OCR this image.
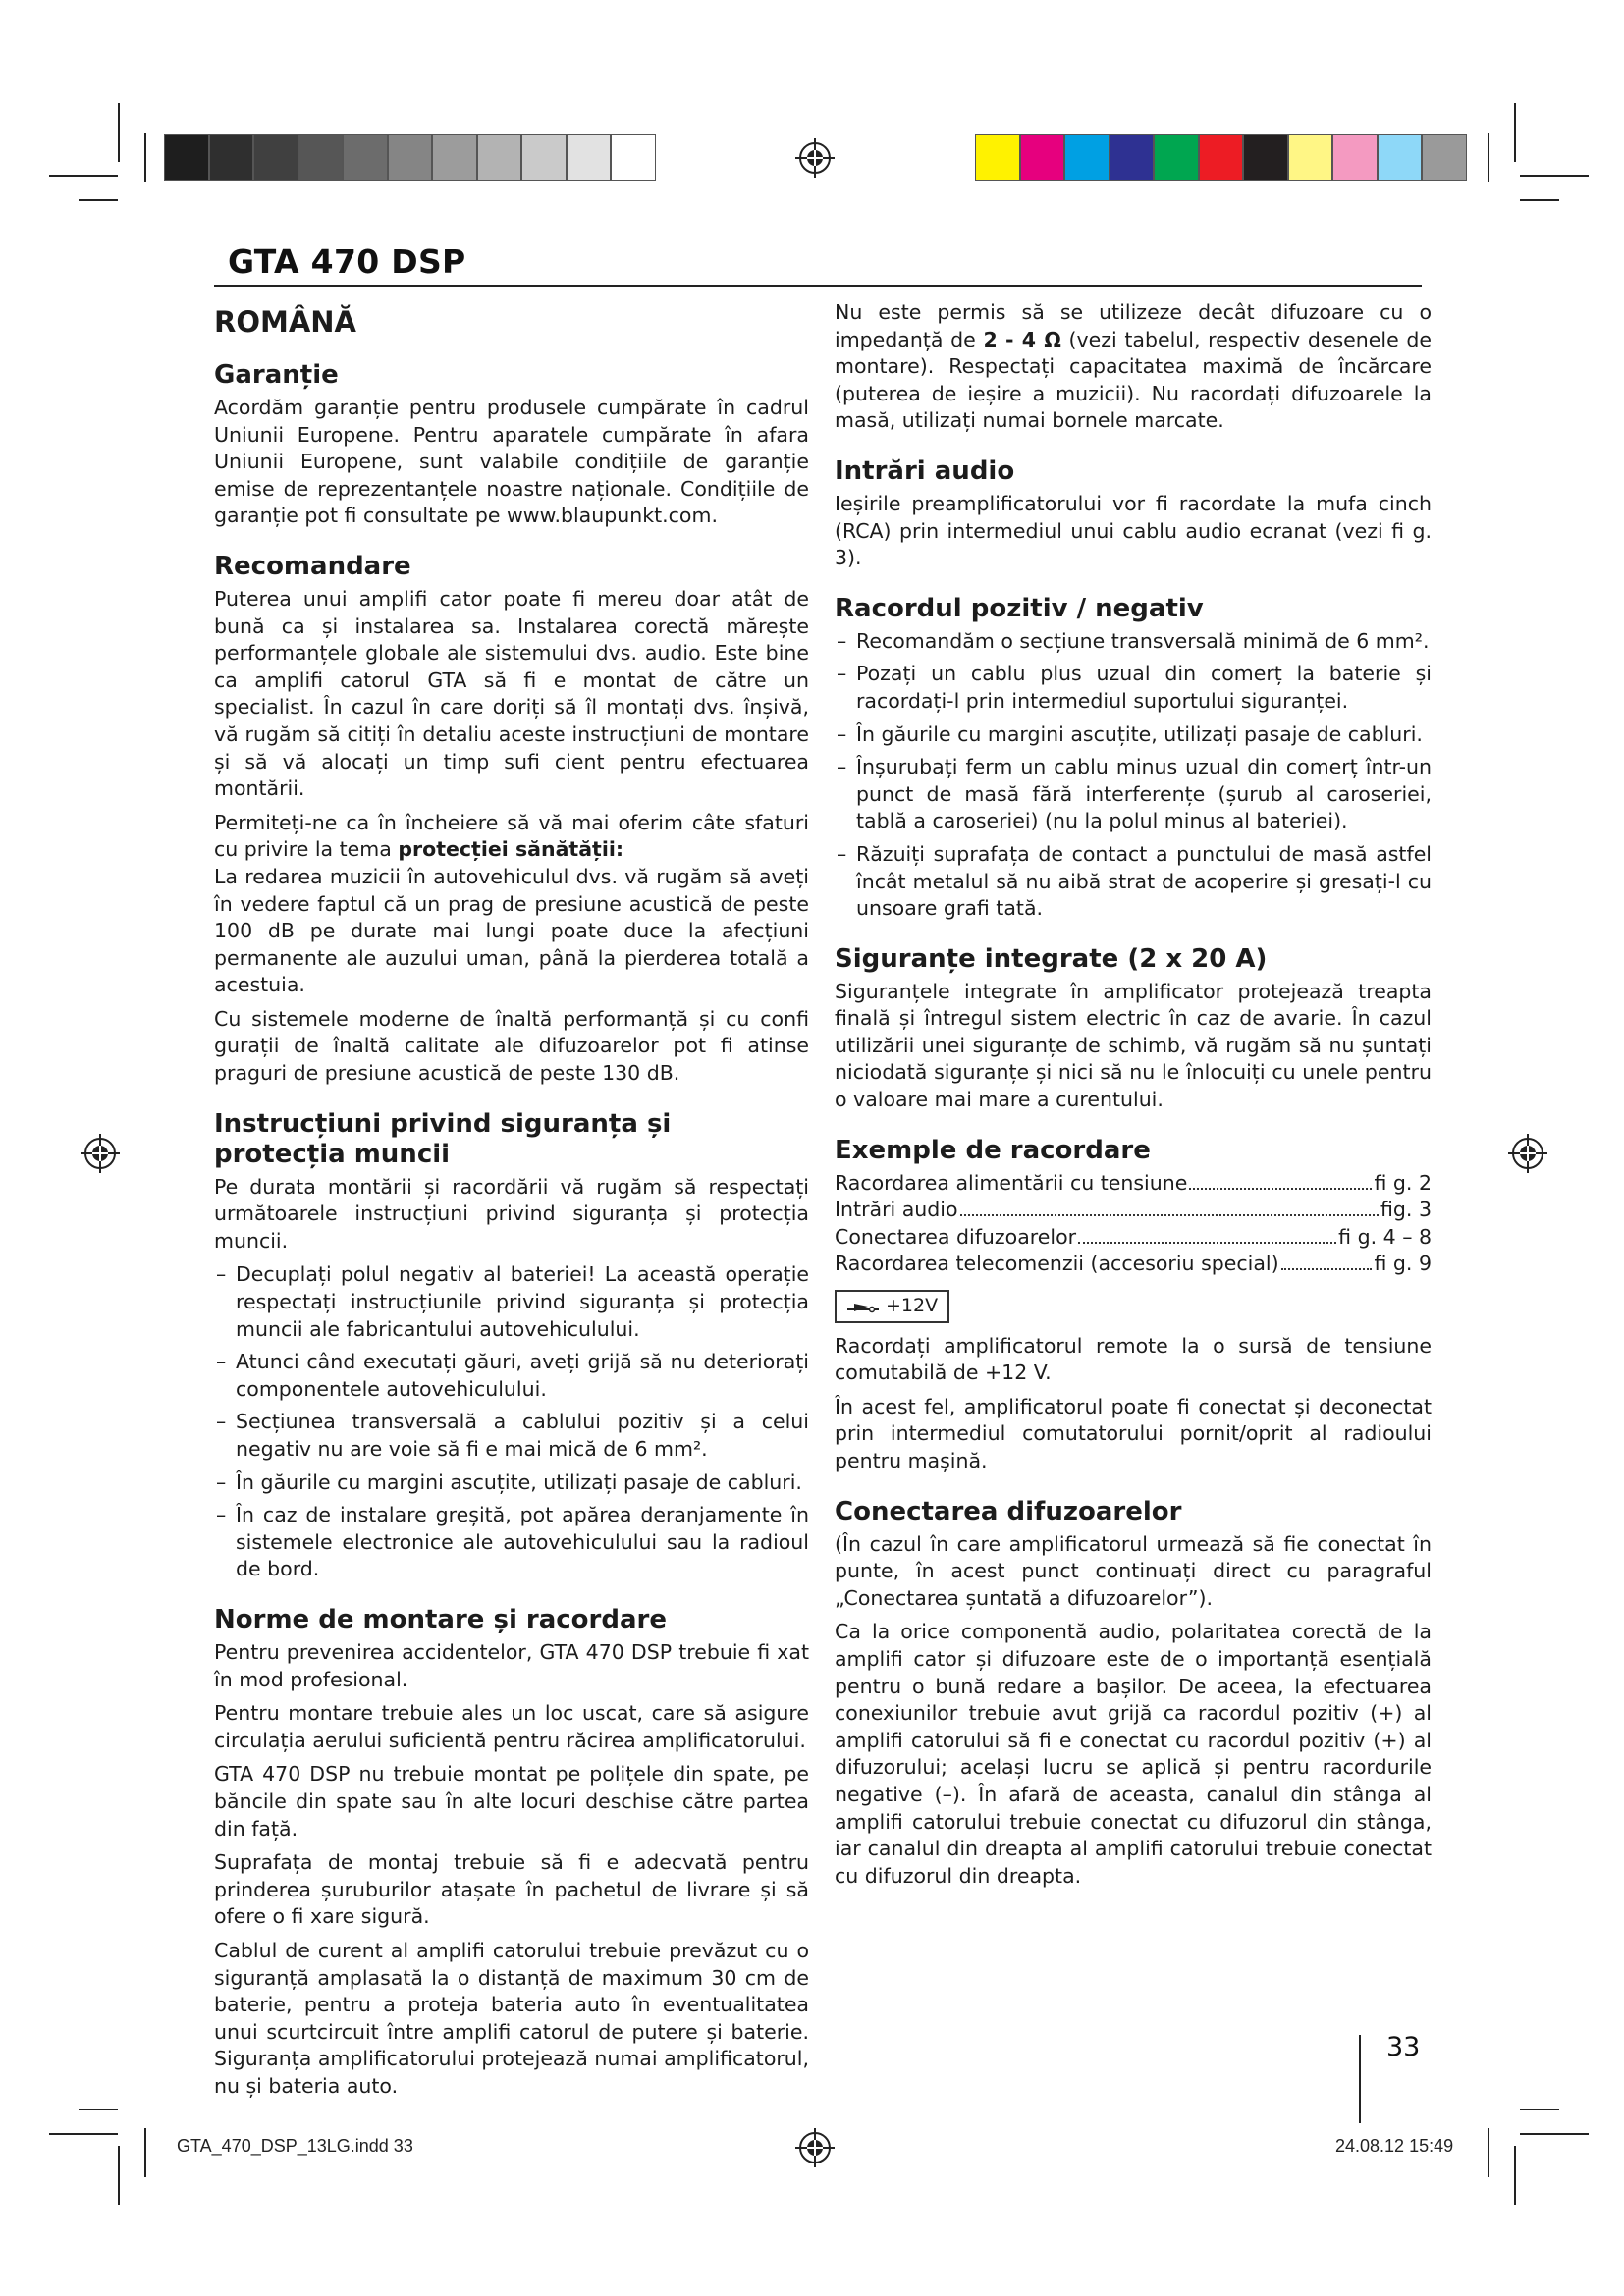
GTA 470 DSP
ROMÂNĂ
Garanție

Acordăm garanție pentru produsele cumpărate în cadrul Uniunii Europene. Pentru aparatele cumpărate în afara Uniunii Europene, sunt valabile condițiile de garanție emise de reprezentanțele noastre naționale. Condițiile de garanție pot fi consultate pe www.blaupunkt.com.

Recomandare

Puterea unui amplifi cator poate fi mereu doar atât de bună ca și instalarea sa. Instalarea corectă mărește performanțele globale ale sistemului dvs. audio. Este bine ca amplifi catorul GTA să fi e montat de către un specialist. În cazul în care doriți să îl montați dvs. înșivă, vă rugăm să citiți în detaliu aceste instrucțiuni de montare și să vă alocați un timp sufi cient pentru efectuarea montării.

Permiteți-ne ca în încheiere să vă mai oferim câte sfaturi cu privire la tema protecției sănătății:

La redarea muzicii în autovehiculul dvs. vă rugăm să aveți în vedere faptul că un prag de presiune acustică de peste 100 dB pe durate mai lungi poate duce la afecțiuni permanente ale auzului uman, până la pierderea totală a acestuia.

Cu sistemele moderne de înaltă performanță și cu confi gurații de înaltă calitate ale difuzoarelor pot fi atinse praguri de presiune acustică de peste 130 dB.

Instrucțiuni privind siguranța și protecția muncii

Pe durata montării și racordării vă rugăm să respectați următoarele instrucțiuni privind siguranța și protecția muncii.

– Decuplați polul negativ al bateriei! La această operație respectați instrucțiunile privind siguranța și protecția muncii ale fabricantului autovehiculului.
– Atunci când executați găuri, aveți grijă să nu deteriorați componentele autovehiculului.
– Secțiunea transversală a cablului pozitiv și a celui negativ nu are voie să fi e mai mică de 6 mm².
– În găurile cu margini ascuțite, utilizați pasaje de cabluri.
– În caz de instalare greșită, pot apărea deranjamente în sistemele electronice ale autovehiculului sau la radioul de bord.
Norme de montare și racordare

Pentru prevenirea accidentelor, GTA 470 DSP trebuie fi xat în mod profesional.

Pentru montare trebuie ales un loc uscat, care să asigure circulația aerului suficientă pentru răcirea amplificatorului.

GTA 470 DSP nu trebuie montat pe polițele din spate, pe băncile din spate sau în alte locuri deschise către partea din față.

Suprafața de montaj trebuie să fi e adecvată pentru prinderea șuruburilor atașate în pachetul de livrare și să ofere o fi xare sigură.

Cablul de curent al amplifi catorului trebuie prevăzut cu o siguranță amplasată la o distanță de maximum 30 cm de baterie, pentru a proteja bateria auto în eventualitatea unui scurtcircuit între amplifi catorul de putere și baterie. Siguranța amplificatorului protejează numai amplificatorul, nu și bateria auto.

Nu este permis să se utilizeze decât difuzoare cu o impedanță de 2 - 4 Ω (vezi tabelul, respectiv desenele de montare). Respectați capacitatea maximă de încărcare (puterea de ieșire a muzicii). Nu racordați difuzoarele la masă, utilizați numai bornele marcate.

Intrări audio

Ieșirile preamplificatorului vor fi racordate la mufa cinch (RCA) prin intermediul unui cablu audio ecranat (vezi fi g. 3).

Racordul pozitiv / negativ
– Recomandăm o secțiune transversală minimă de 6 mm².
– Pozați un cablu plus uzual din comerț la baterie și racordați-l prin intermediul suportului siguranței.
– În găurile cu margini ascuțite, utilizați pasaje de cabluri.
– Înșurubați ferm un cablu minus uzual din comerț într-un punct de masă fără interferențe (șurub al caroseriei, tablă a caroseriei) (nu la polul minus al bateriei).
– Răzuiți suprafața de contact a punctului de masă astfel încât metalul să nu aibă strat de acoperire și gresați-l cu unsoare grafi tată.
Siguranțe integrate (2 x 20 A)

Siguranțele integrate în amplificator protejează treapta finală și întregul sistem electric în caz de avarie. În cazul utilizării unei siguranțe de schimb, vă rugăm să nu șuntați niciodată siguranțe și nici să nu le înlocuiți cu unele pentru o valoare mai mare a curentului.

Exemple de racordare
Racordarea alimentării cu tensiune	fi g. 2
Intrări audio	fig. 3
Conectarea difuzoarelor	fi g. 4 – 8
Racordarea telecomenzii (accesoriu special)	fi g. 9
+12V

Racordați amplificatorul remote la o sursă de tensiune comutabilă de +12 V.

În acest fel, amplificatorul poate fi conectat și deconectat prin intermediul comutatorului pornit/oprit al radioului pentru mașină.

Conectarea difuzoarelor

(În cazul în care amplificatorul urmează să fie conectat în punte, în acest punct continuați direct cu paragraful „Conectarea șuntată a difuzoarelor”).

Ca la orice componentă audio, polaritatea corectă de la amplifi cator și difuzoare este de o importanță esențială pentru o bună redare a bașilor. De aceea, la efectuarea conexiunilor trebuie avut grijă ca racordul pozitiv (+) al amplifi catorului să fi e conectat cu racordul pozitiv (+) al difuzorului; același lucru se aplică și pentru racordurile negative (–). În afară de aceasta, canalul din stânga al amplifi catorului trebuie conectat cu difuzorul din stânga, iar canalul din dreapta al amplifi catorului trebuie conectat cu difuzorul din dreapta.

33
GTA_470_DSP_13LG.indd 33	24.08.12 15:49
